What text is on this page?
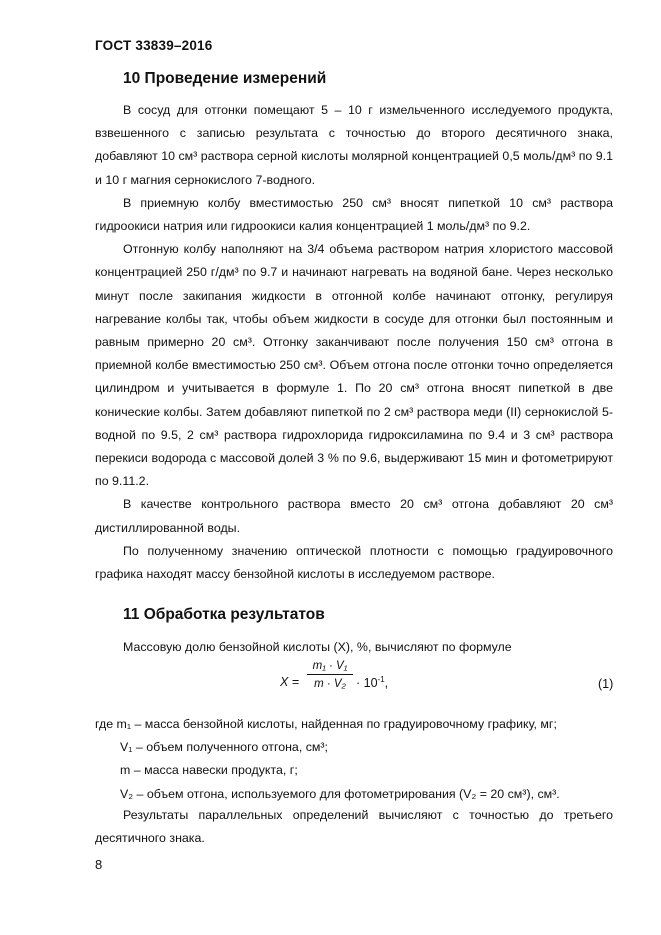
ГОСТ 33839–2016
10 Проведение измерений

В сосуд для отгонки помещают 5 – 10 г измельченного исследуемого продукта, взвешенного с записью результата с точностью до второго десятичного знака, добавляют 10 см³ раствора серной кислоты молярной концентрацией 0,5 моль/дм³ по 9.1 и 10 г магния сернокислого 7-водного.

В приемную колбу вместимостью 250 см³ вносят пипеткой 10 см³ раствора гидроокиси натрия или гидроокиси калия концентрацией 1 моль/дм³ по 9.2.

Отгонную колбу наполняют на 3/4 объема раствором натрия хлористого массовой концентрацией 250 г/дм³ по 9.7 и начинают нагревать на водяной бане. Через несколько минут после закипания жидкости в отгонной колбе начинают отгонку, регулируя нагревание колбы так, чтобы объем жидкости в сосуде для отгонки был постоянным и равным примерно 20 см³. Отгонку заканчивают после получения 150 см³ отгона в приемной колбе вместимостью 250 см³. Объем отгона после отгонки точно определяется цилиндром и учитывается в формуле 1. По 20 см³ отгона вносят пипеткой в две конические колбы. Затем добавляют пипеткой по 2 см³ раствора меди (II) сернокислой 5-водной по 9.5, 2 см³ раствора гидрохлорида гидроксиламина по 9.4 и 3 см³ раствора перекиси водорода с массовой долей 3 % по 9.6, выдерживают 15 мин и фотометрируют по 9.11.2.

В качестве контрольного раствора вместо 20 см³ отгона добавляют 20 см³ дистиллированной воды.

По полученному значению оптической плотности с помощью градуировочного графика находят массу бензойной кислоты в исследуемом растворе.

11 Обработка результатов

Массовую долю бензойной кислоты (X), %, вычисляют по формуле

$X = \frac{\text{m₁ · V₁}}{\text{m · V₂}} \cdot 10^{-1}$,	(1)
где m₁ – масса бензойной кислоты, найденная по градуировочному графику, мг;
V₁ – объем полученного отгона, см³;
m – масса навески продукта, г;
V₂ – объем отгона, используемого для фотометрирования (V₂ = 20 см³), см³.

Результаты параллельных определений вычисляют с точностью до третьего десятичного знака.

8
